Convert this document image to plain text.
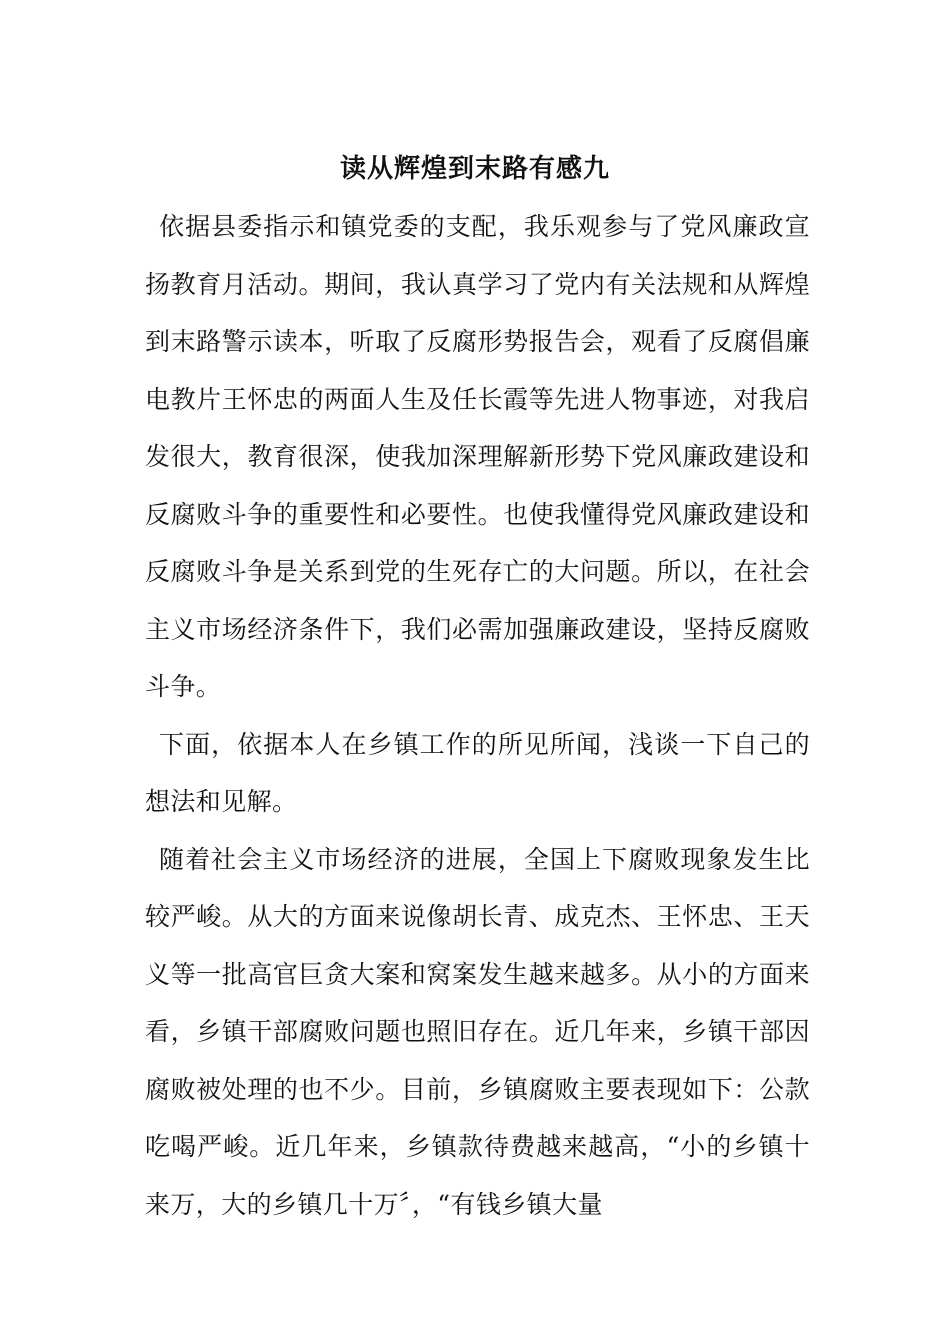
读从辉煌到末路有感九

依据县委指示和镇党委的支配，我乐观参与了党风廉政宣扬教育月活动。期间，我认真学习了党内有关法规和从辉煌到末路警示读本，听取了反腐形势报告会，观看了反腐倡廉电教片王怀忠的两面人生及任长霞等先进人物事迹，对我启发很大，教育很深，使我加深理解新形势下党风廉政建设和反腐败斗争的重要性和必要性。也使我懂得党风廉政建设和反腐败斗争是关系到党的生死存亡的大问题。所以，在社会主义市场经济条件下，我们必需加强廉政建设，坚持反腐败斗争。

下面，依据本人在乡镇工作的所见所闻，浅谈一下自己的想法和见解。

随着社会主义市场经济的进展，全国上下腐败现象发生比较严峻。从大的方面来说像胡长青、成克杰、王怀忠、王天义等一批高官巨贪大案和窝案发生越来越多。从小的方面来看，乡镇干部腐败问题也照旧存在。近几年来，乡镇干部因腐败被处理的也不少。目前，乡镇腐败主要表现如下：公款吃喝严峻。近几年来，乡镇款待费越来越高，“小的乡镇十来万，大的乡镇几十万〞，“有钱乡镇大量
